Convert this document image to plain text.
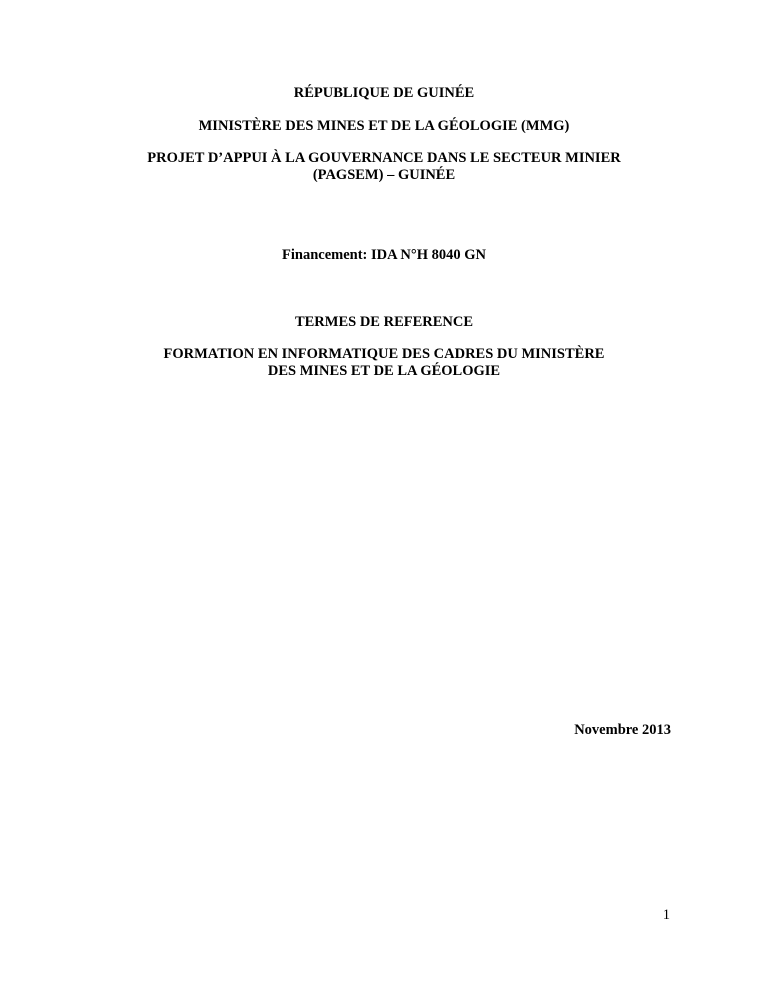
RÉPUBLIQUE DE GUINÉE
MINISTÈRE DES MINES ET DE LA GÉOLOGIE (MMG)
PROJET D’APPUI À LA GOUVERNANCE DANS LE SECTEUR MINIER
(PAGSEM) – GUINÉE
Financement: IDA N°H 8040 GN
TERMES DE REFERENCE
FORMATION EN INFORMATIQUE DES CADRES DU MINISTÈRE
DES MINES ET DE LA GÉOLOGIE
Novembre 2013
1
